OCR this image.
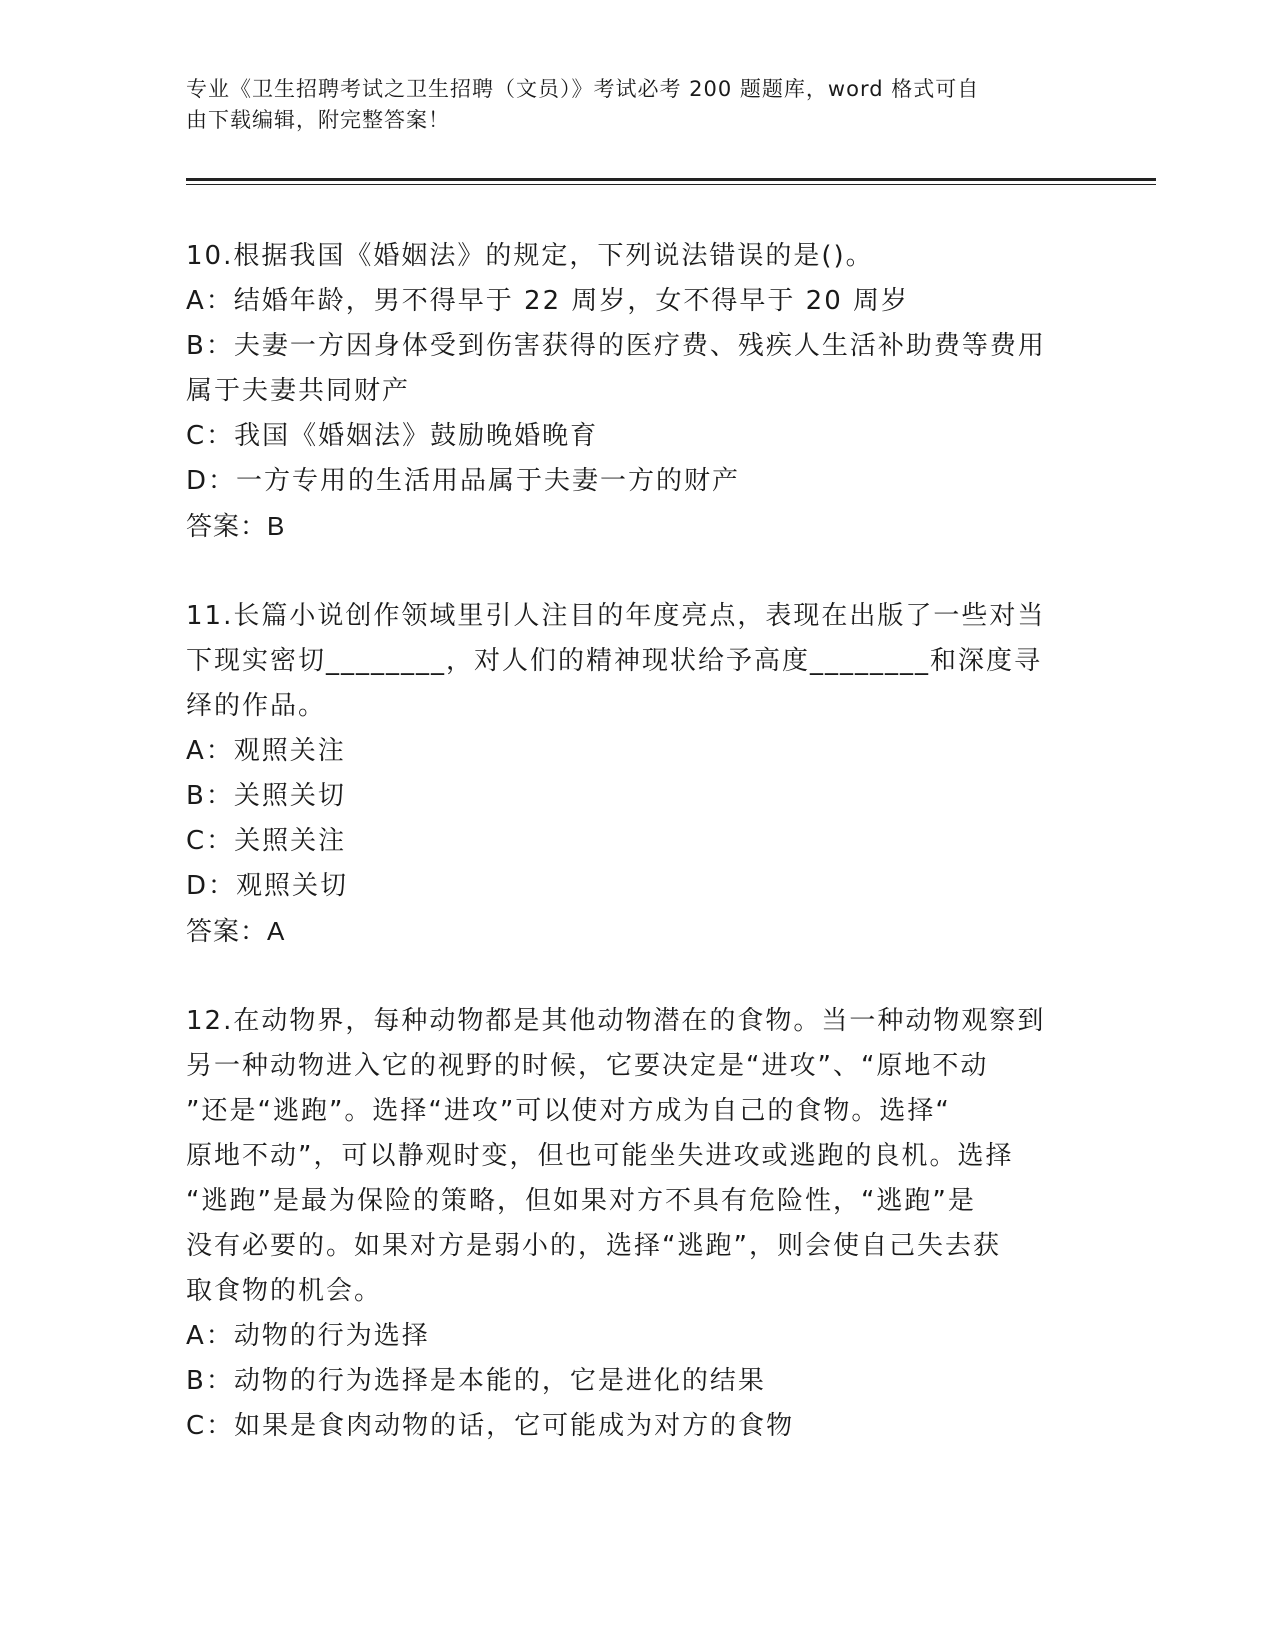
专业《卫生招聘考试之卫生招聘（文员）》考试必考 200 题题库，word 格式可自
由下载编辑，附完整答案！
10.根据我国《婚姻法》的规定，下列说法错误的是()。
A：结婚年龄，男不得早于 22 周岁，女不得早于 20 周岁
B：夫妻一方因身体受到伤害获得的医疗费、残疾人生活补助费等费用
属于夫妻共同财产
C：我国《婚姻法》鼓励晚婚晚育
D：一方专用的生活用品属于夫妻一方的财产
答案：B
11.长篇小说创作领域里引人注目的年度亮点，表现在出版了一些对当
下现实密切________，对人们的精神现状给予高度________和深度寻
绎的作品。
A：观照关注
B：关照关切
C：关照关注
D：观照关切
答案：A
12.在动物界，每种动物都是其他动物潜在的食物。当一种动物观察到
另一种动物进入它的视野的时候，它要决定是“进攻”、“原地不动
”还是“逃跑”。选择“进攻”可以使对方成为自己的食物。选择“
原地不动”，可以静观时变，但也可能坐失进攻或逃跑的良机。选择
“逃跑”是最为保险的策略，但如果对方不具有危险性，“逃跑”是
没有必要的。如果对方是弱小的，选择“逃跑”，则会使自己失去获
取食物的机会。
A：动物的行为选择
B：动物的行为选择是本能的，它是进化的结果
C：如果是食肉动物的话，它可能成为对方的食物
